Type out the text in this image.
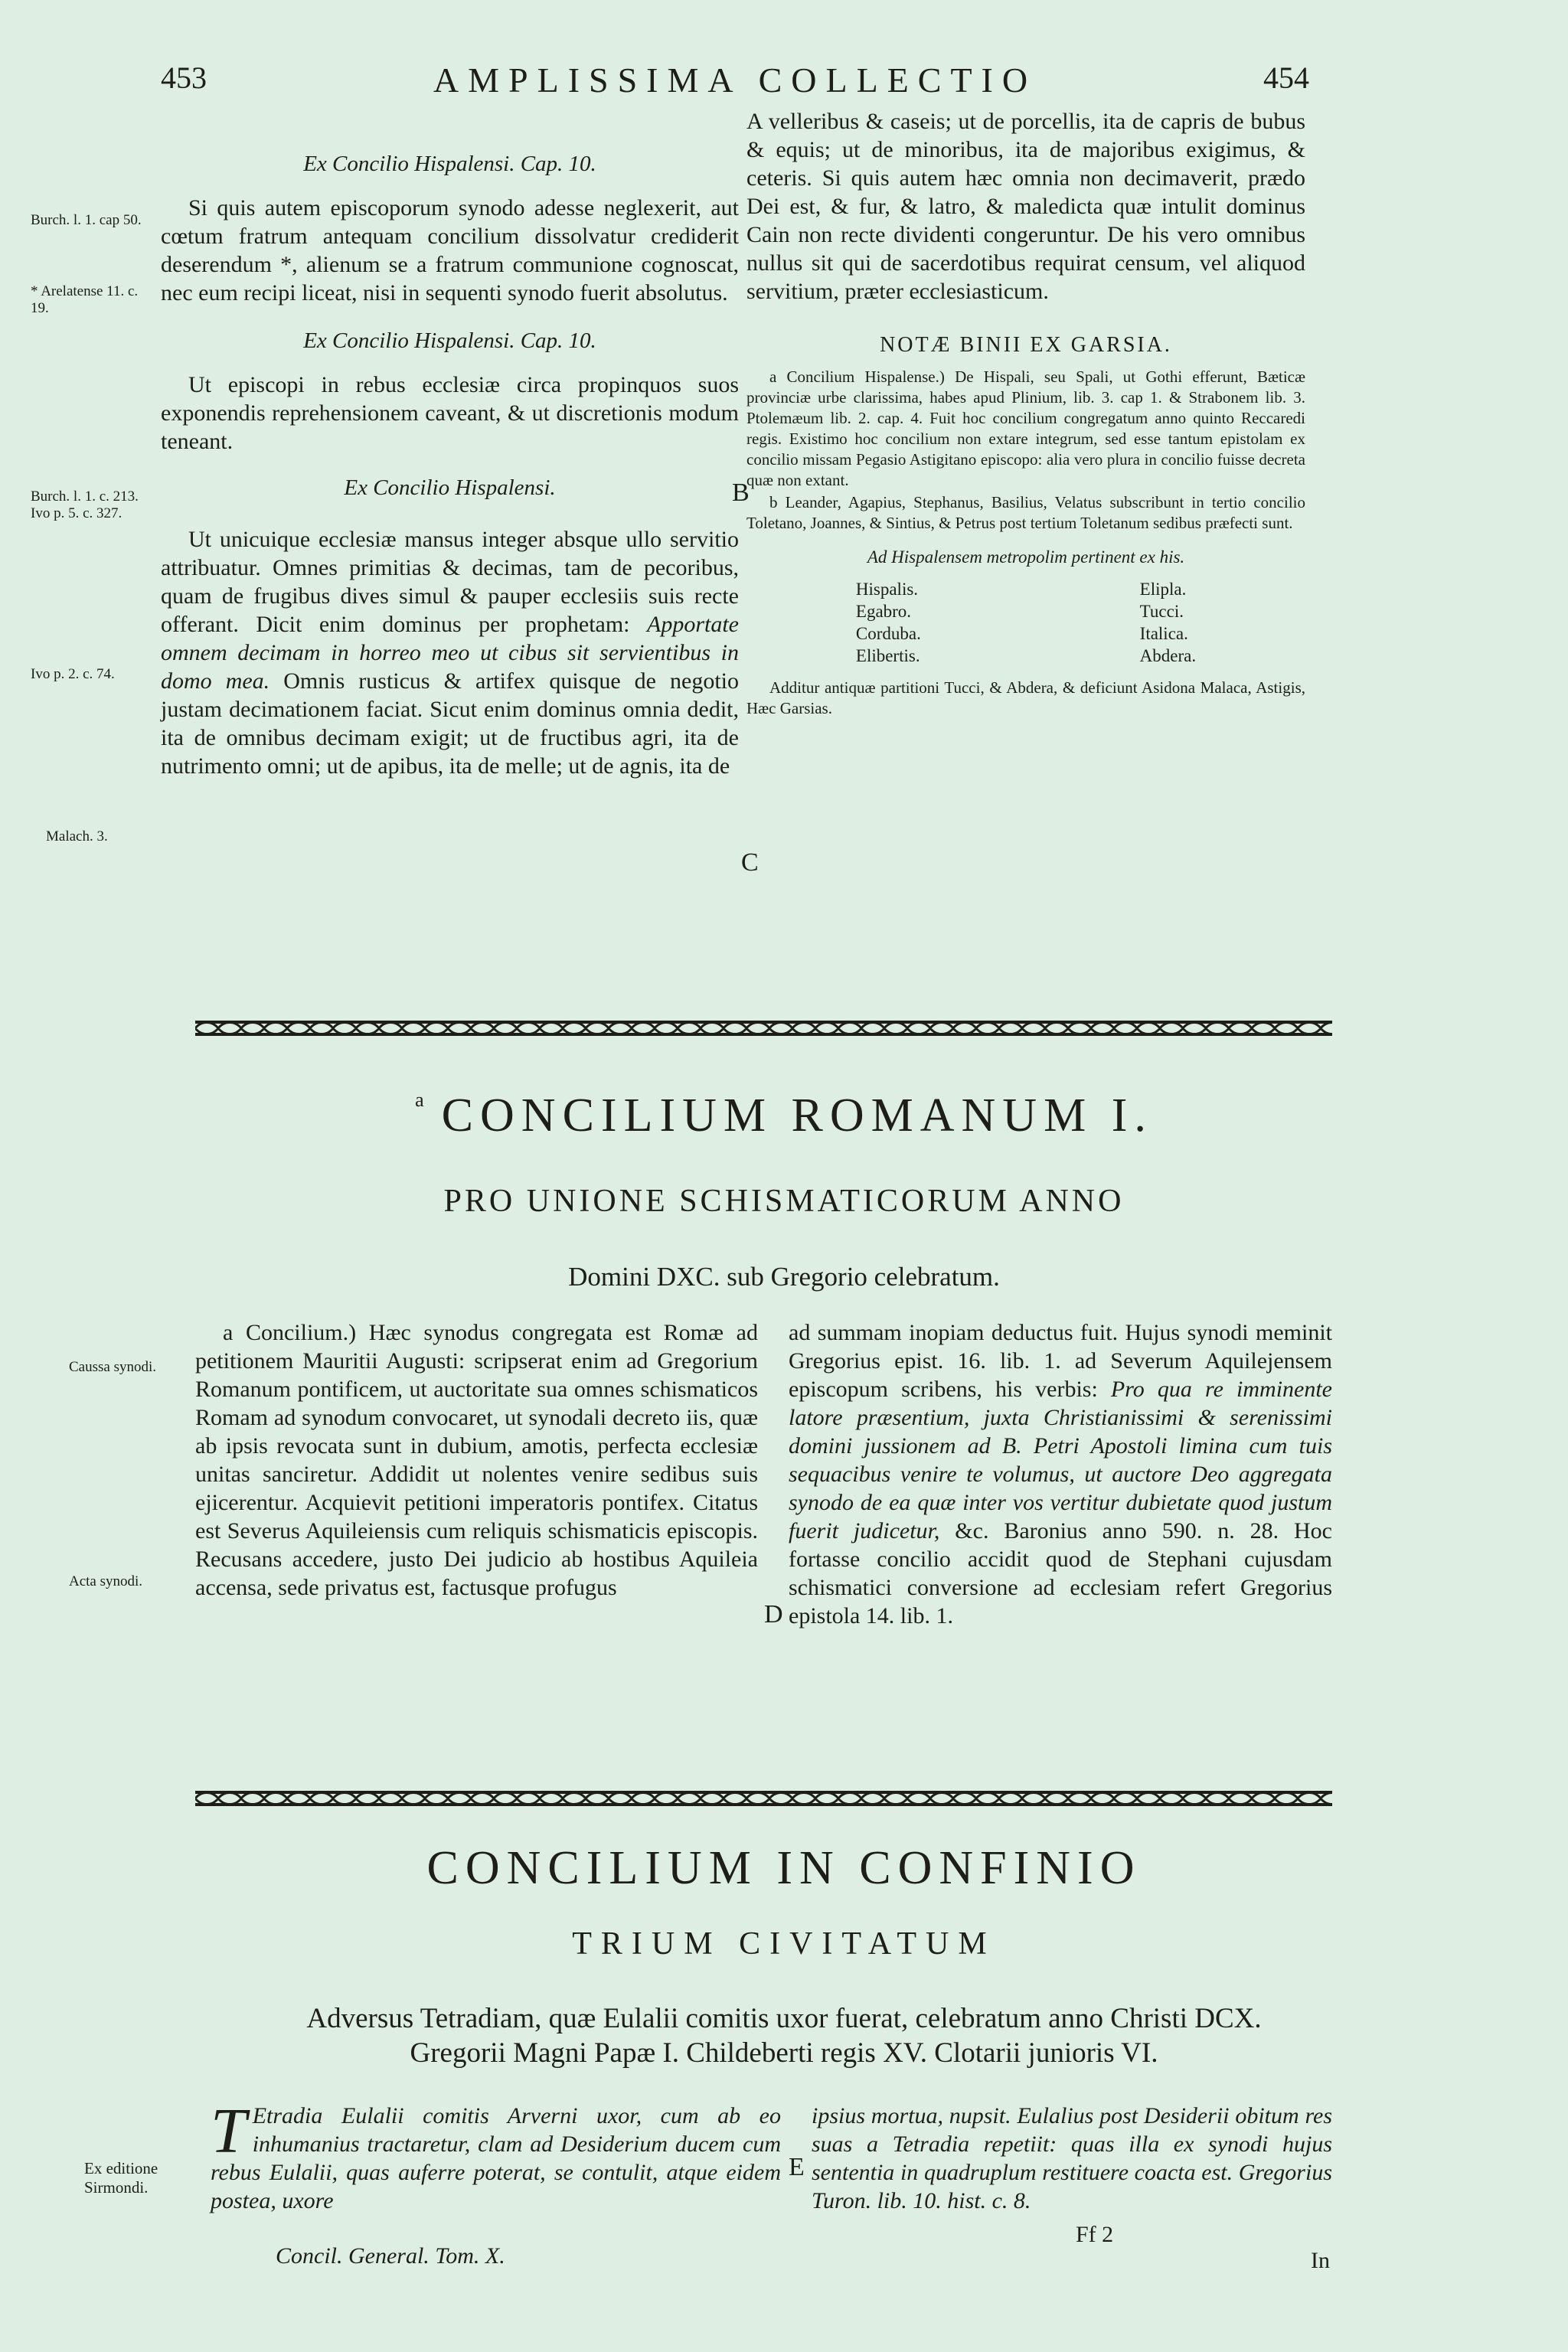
453	AMPLISSIMA COLLECTIO	454
Ex Concilio Hispalensi. Cap. 10.

Si quis autem episcoporum synodo adesse neglexerit, aut cœtum fratrum antequam concilium dissolvatur crediderit deserendum *, alienum se a fratrum communione cognoscat, nec eum recipi liceat, nisi in sequenti synodo fuerit absolutus.

Ex Concilio Hispalensi. Cap. 10.

Ut episcopi in rebus ecclesiæ circa propinquos suos exponendis reprehensionem caveant, & ut discretionis modum teneant.

Ex Concilio Hispalensi.

Ut unicuique ecclesiæ mansus integer absque ullo servitio attribuatur. Omnes primitias & decimas, tam de pecoribus, quam de frugibus dives simul & pauper ecclesiis suis recte offerant. Dicit enim dominus per prophetam: Apportate omnem decimam in horreo meo ut cibus sit servientibus in domo mea. Omnis rusticus & artifex quisque de negotio justam decimationem faciat. Sicut enim dominus omnia dedit, ita de omnibus decimam exigit; ut de fructibus agri, ita de nutrimento omni; ut de apibus, ita de melle; ut de agnis, ita de

Burch. l. 1. cap 50.
* Arelatense 11. c. 19.
Burch. l. 1. c. 213. Ivo p. 5. c. 327.
Ivo p. 2. c. 74.
Malach. 3.
Caussa synodi.
Acta synodi.
Ex editione Sirmondi.
B
C
D
E

A velleribus & caseis; ut de porcellis, ita de capris de bubus & equis; ut de minoribus, ita de majoribus exigimus, & ceteris. Si quis autem hæc omnia non decimaverit, prædo Dei est, & fur, & latro, & maledicta quæ intulit dominus Cain non recte dividenti congeruntur. De his vero omnibus nullus sit qui de sacerdotibus requirat censum, vel aliquod servitium, præter ecclesiasticum.

NOTÆ BINII EX GARSIA.

a Concilium Hispalense.) De Hispali, seu Spali, ut Gothi efferunt, Bæticæ provinciæ urbe clarissima, habes apud Plinium, lib. 3. cap 1. & Strabonem lib. 3. Ptolemæum lib. 2. cap. 4. Fuit hoc concilium congregatum anno quinto Reccaredi regis. Existimo hoc concilium non extare integrum, sed esse tantum epistolam ex concilio missam Pegasio Astigitano episcopo: alia vero plura in concilio fuisse decreta quæ non extant.

b Leander, Agapius, Stephanus, Basilius, Velatus subscribunt in tertio concilio Toletano, Joannes, & Sintius, & Petrus post tertium Toletanum sedibus præfecti sunt.

Ad Hispalensem metropolim pertinent ex his.
Hispalis.
Egabro.
Corduba.
Elibertis.
Elipla.
Tucci.
Italica.
Abdera.
Additur antiquæ partitioni Tucci, & Abdera, & deficiunt Asidona Malaca, Astigis, Hæc Garsias.
$^a$ CONCILIUM ROMANUM I.
PRO UNIONE SCHISMATICORUM ANNO
Domini DXC. sub Gregorio celebratum.

a Concilium.) Hæc synodus congregata est Romæ ad petitionem Mauritii Augusti: scripserat enim ad Gregorium Romanum pontificem, ut auctoritate sua omnes schismaticos Romam ad synodum convocaret, ut synodali decreto iis, quæ ab ipsis revocata sunt in dubium, amotis, perfecta ecclesiæ unitas sanciretur. Addidit ut nolentes venire sedibus suis ejicerentur. Acquievit petitioni imperatoris pontifex. Citatus est Severus Aquileiensis cum reliquis schismaticis episcopis. Recusans accedere, justo Dei judicio ab hostibus Aquileia accensa, sede privatus est, factusque profugus

ad summam inopiam deductus fuit. Hujus synodi meminit Gregorius epist. 16. lib. 1. ad Severum Aquilejensem episcopum scribens, his verbis: Pro qua re imminente latore præsentium, juxta Christianissimi & serenissimi domini jussionem ad B. Petri Apostoli limina cum tuis sequacibus venire te volumus, ut auctore Deo aggregata synodo de ea quæ inter vos vertitur dubietate quod justum fuerit judicetur, &c. Baronius anno 590. n. 28. Hoc fortasse concilio accidit quod de Stephani cujusdam schismatici conversione ad ecclesiam refert Gregorius epistola 14. lib. 1.

CONCILIUM IN CONFINIO
TRIUM CIVITATUM
Adversus Tetradiam, quæ Eulalii comitis uxor fuerat, celebratum anno Christi DCX.
Gregorii Magni Papæ I. Childeberti regis XV. Clotarii junioris VI.

T Etradia Eulalii comitis Arverni uxor, cum ab eo inhumanius tractaretur, clam ad Desiderium ducem cum rebus Eulalii, quas auferre poterat, se contulit, atque eidem postea, uxore

ipsius mortua, nupsit. Eulalius post Desiderii obitum res suas a Tetradia repetiit: quas illa ex synodi hujus sententia in quadruplum restituere coacta est. Gregorius Turon. lib. 10. hist. c. 8.

Concil. General. Tom. X.
Ff 2
In
